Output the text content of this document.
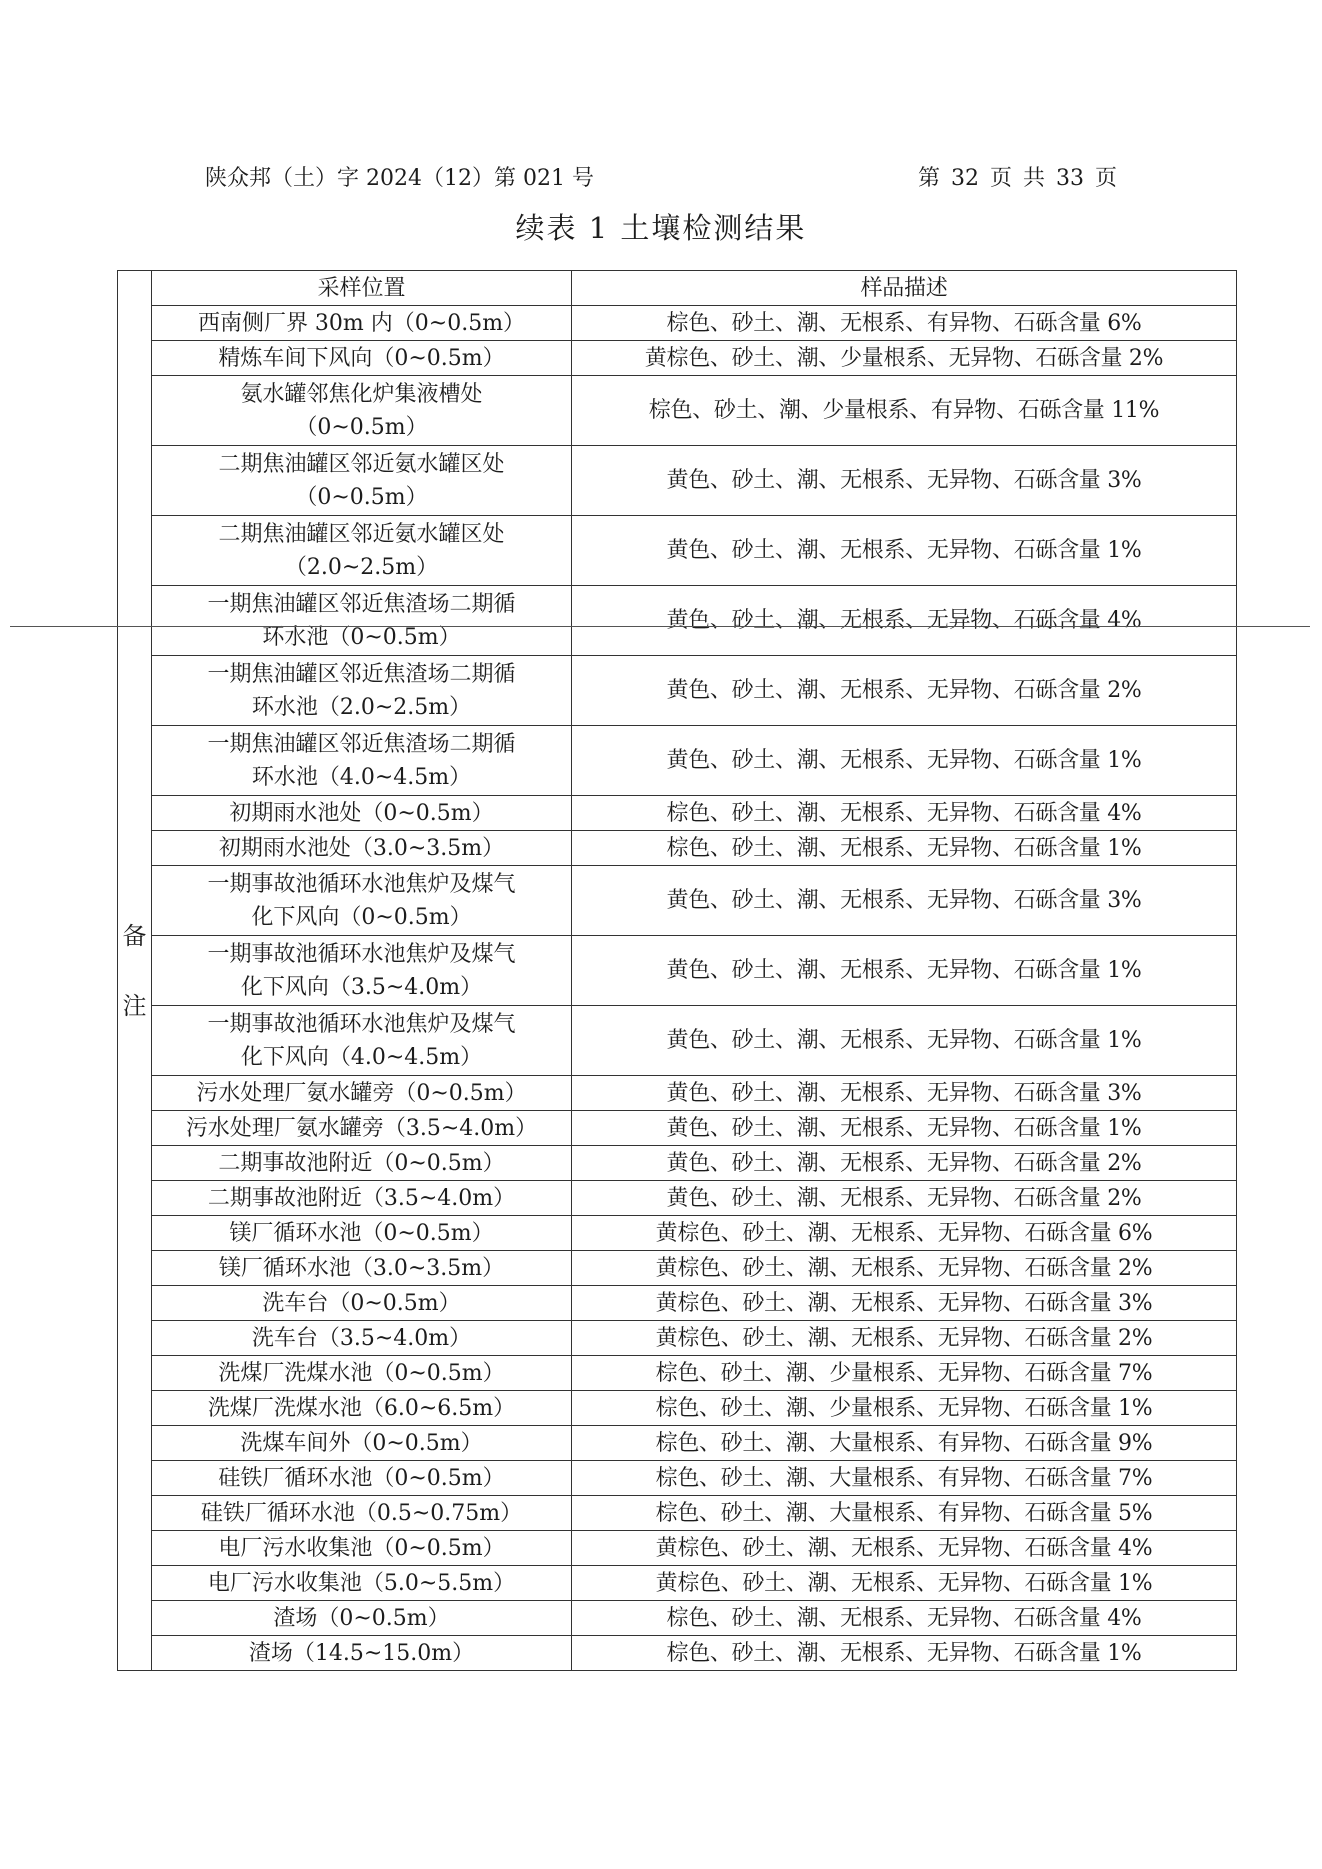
陕众邦（土）字 2024（12）第 021 号	第 32 页 共 33 页
续表 1 土壤检测结果
备
注	采样位置	样品描述

	西南侧厂界 30m 内（0~0.5m）	棕色、砂土、潮、无根系、有异物、石砾含量 6%

	精炼车间下风向（0~0.5m）	黄棕色、砂土、潮、少量根系、无异物、石砾含量 2%

	氨水罐邻焦化炉集液槽处
（0~0.5m）	棕色、砂土、潮、少量根系、有异物、石砾含量 11%

	二期焦油罐区邻近氨水罐区处
（0~0.5m）	黄色、砂土、潮、无根系、无异物、石砾含量 3%

	二期焦油罐区邻近氨水罐区处
（2.0~2.5m）	黄色、砂土、潮、无根系、无异物、石砾含量 1%

	一期焦油罐区邻近焦渣场二期循
环水池（0~0.5m）	黄色、砂土、潮、无根系、无异物、石砾含量 4%

	一期焦油罐区邻近焦渣场二期循
环水池（2.0~2.5m）	黄色、砂土、潮、无根系、无异物、石砾含量 2%

	一期焦油罐区邻近焦渣场二期循
环水池（4.0~4.5m）	黄色、砂土、潮、无根系、无异物、石砾含量 1%

	初期雨水池处（0~0.5m）	棕色、砂土、潮、无根系、无异物、石砾含量 4%

	初期雨水池处（3.0~3.5m）	棕色、砂土、潮、无根系、无异物、石砾含量 1%

	一期事故池循环水池焦炉及煤气
化下风向（0~0.5m）	黄色、砂土、潮、无根系、无异物、石砾含量 3%

	一期事故池循环水池焦炉及煤气
化下风向（3.5~4.0m）	黄色、砂土、潮、无根系、无异物、石砾含量 1%

	一期事故池循环水池焦炉及煤气
化下风向（4.0~4.5m）	黄色、砂土、潮、无根系、无异物、石砾含量 1%

	污水处理厂氨水罐旁（0~0.5m）	黄色、砂土、潮、无根系、无异物、石砾含量 3%

	污水处理厂氨水罐旁（3.5~4.0m）	黄色、砂土、潮、无根系、无异物、石砾含量 1%

	二期事故池附近（0~0.5m）	黄色、砂土、潮、无根系、无异物、石砾含量 2%

	二期事故池附近（3.5~4.0m）	黄色、砂土、潮、无根系、无异物、石砾含量 2%

	镁厂循环水池（0~0.5m）	黄棕色、砂土、潮、无根系、无异物、石砾含量 6%

	镁厂循环水池（3.0~3.5m）	黄棕色、砂土、潮、无根系、无异物、石砾含量 2%

	洗车台（0~0.5m）	黄棕色、砂土、潮、无根系、无异物、石砾含量 3%

	洗车台（3.5~4.0m）	黄棕色、砂土、潮、无根系、无异物、石砾含量 2%

	洗煤厂洗煤水池（0~0.5m）	棕色、砂土、潮、少量根系、无异物、石砾含量 7%

	洗煤厂洗煤水池（6.0~6.5m）	棕色、砂土、潮、少量根系、无异物、石砾含量 1%

	洗煤车间外（0~0.5m）	棕色、砂土、潮、大量根系、有异物、石砾含量 9%

	硅铁厂循环水池（0~0.5m）	棕色、砂土、潮、大量根系、有异物、石砾含量 7%

	硅铁厂循环水池（0.5~0.75m）	棕色、砂土、潮、大量根系、有异物、石砾含量 5%

	电厂污水收集池（0~0.5m）	黄棕色、砂土、潮、无根系、无异物、石砾含量 4%

	电厂污水收集池（5.0~5.5m）	黄棕色、砂土、潮、无根系、无异物、石砾含量 1%

	渣场（0~0.5m）	棕色、砂土、潮、无根系、无异物、石砾含量 4%

	渣场（14.5~15.0m）	棕色、砂土、潮、无根系、无异物、石砾含量 1%
